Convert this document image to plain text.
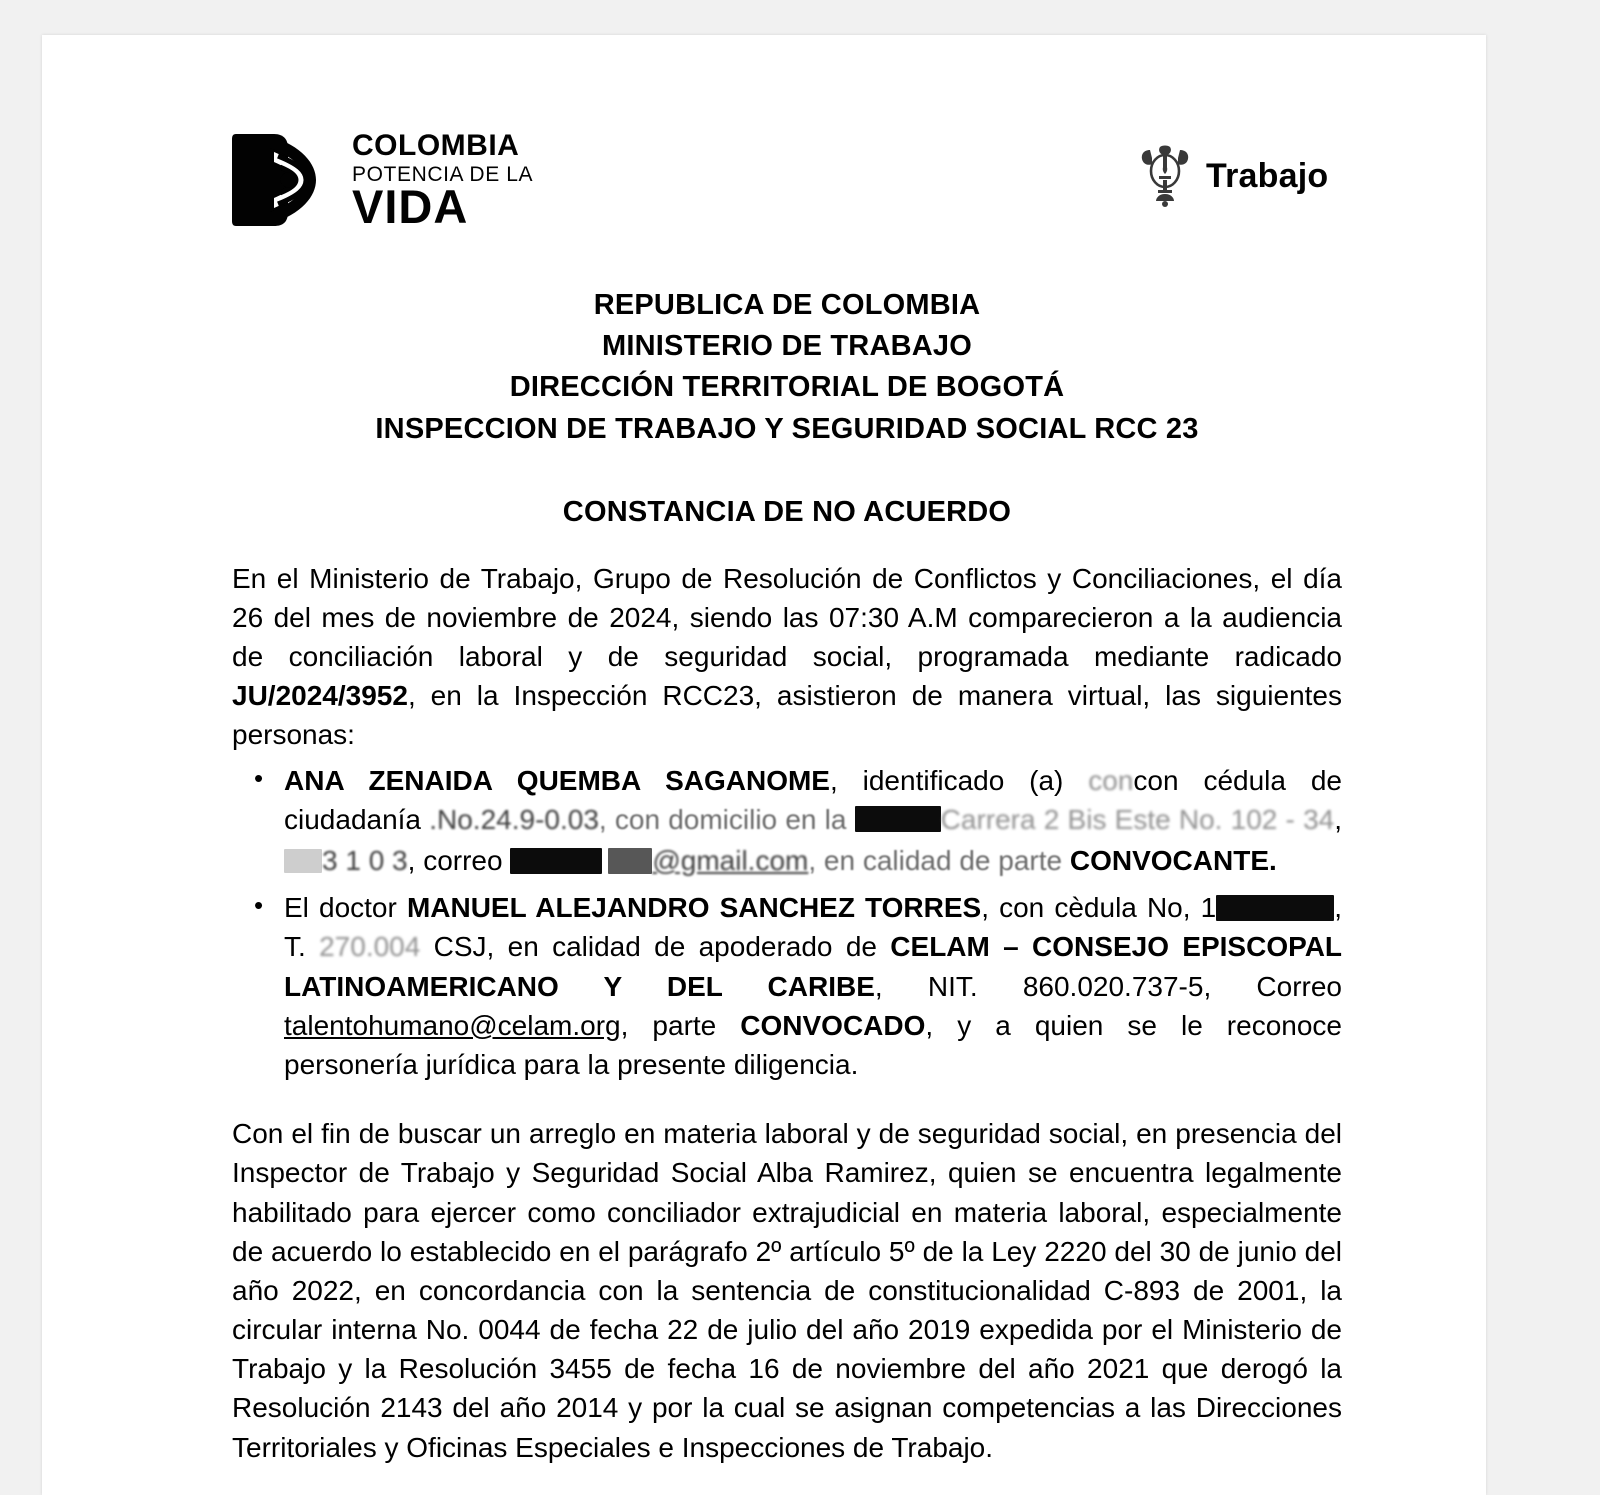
COLOMBIA
POTENCIA DE LA
VIDA
Trabajo
REPUBLICA DE COLOMBIA
MINISTERIO DE TRABAJO
DIRECCIÓN TERRITORIAL DE BOGOTÁ
INSPECCION DE TRABAJO Y SEGURIDAD SOCIAL RCC 23
CONSTANCIA DE NO ACUERDO

En el Ministerio de Trabajo, Grupo de Resolución de Conflictos y Conciliaciones, el día 26 del mes de noviembre de 2024, siendo las 07:30 A.M comparecieron a la audiencia de conciliación laboral y de seguridad social, programada mediante radicado JU/2024/3952, en la Inspección RCC23, asistieron de manera virtual, las siguientes personas:

• ANA ZENAIDA QUEMBA SAGANOME, identificado (a) concon cédula de ciudadanía .No.24.9-0.03, con domicilio en la	Carrera 2 Bis Este No. 102 - 34, 3 1 0 3, correo	@gmail.com, en calidad de parte CONVOCANTE.
• El doctor MANUEL ALEJANDRO SANCHEZ TORRES, con cèdula No, 1	, T. 270.004 CSJ, en calidad de apoderado de CELAM – CONSEJO EPISCOPAL LATINOAMERICANO Y DEL CARIBE, NIT. 860.020.737-5, Correo talentohumano@celam.org, parte CONVOCADO, y a quien se le reconoce personería jurídica para la presente diligencia.

Con el fin de buscar un arreglo en materia laboral y de seguridad social, en presencia del Inspector de Trabajo y Seguridad Social Alba Ramirez, quien se encuentra legalmente habilitado para ejercer como conciliador extrajudicial en materia laboral, especialmente de acuerdo lo establecido en el parágrafo 2º artículo 5º de la Ley 2220 del 30 de junio del año 2022, en concordancia con la sentencia de constitucionalidad C-893 de 2001, la circular interna No. 0044 de fecha 22 de julio del año 2019 expedida por el Ministerio de Trabajo y la Resolución 3455 de fecha 16 de noviembre del año 2021 que derogó la Resolución 2143 del año 2014 y por la cual se asignan competencias a las Direcciones Territoriales y Oficinas Especiales e Inspecciones de Trabajo.
